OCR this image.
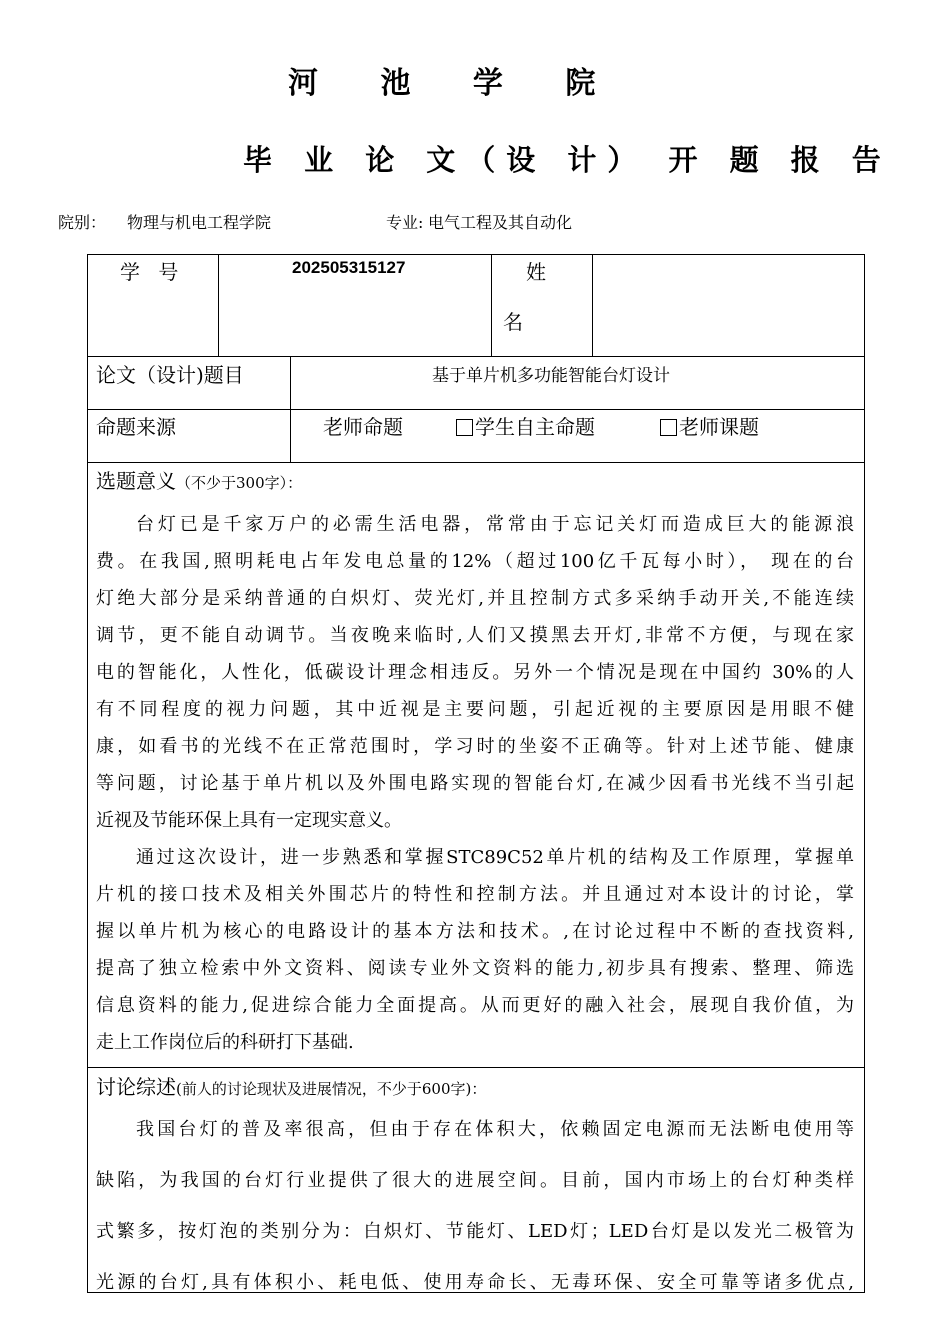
河 池 学 院
毕 业 论 文（设 计） 开 题 报 告
院别： 物理与机电工程学院	专业: 电气工程及其自动化
学 号	202505315127	姓
名
论文（设计)题目	基于单片机多功能智能台灯设计
命题来源	老师命题	学生自主命题	老师课题
选题意义（不少于300字）：
台灯已是千家万户的必需生活电器，常常由于忘记关灯而造成巨大的能源浪
费。在我国,照明耗电占年发电总量的12%（超过100亿千瓦每小时）， 现在的台
灯绝大部分是采纳普通的白炽灯、荧光灯,并且控制方式多采纳手动开关,不能连续
调节，更不能自动调节。当夜晚来临时,人们又摸黑去开灯,非常不方便，与现在家
电的智能化，人性化，低碳设计理念相违反。另外一个情况是现在中国约 30%的人
有不同程度的视力问题，其中近视是主要问题，引起近视的主要原因是用眼不健
康，如看书的光线不在正常范围时，学习时的坐姿不正确等。针对上述节能、健康
等问题，讨论基于单片机以及外围电路实现的智能台灯,在减少因看书光线不当引起
近视及节能环保上具有一定现实意义。
通过这次设计，进一步熟悉和掌握STC89C52单片机的结构及工作原理，掌握单
片机的接口技术及相关外围芯片的特性和控制方法。并且通过对本设计的讨论，掌
握以单片机为核心的电路设计的基本方法和技术。,在讨论过程中不断的查找资料,
提高了独立检索中外文资料、阅读专业外文资料的能力,初步具有搜索、整理、筛选
信息资料的能力,促进综合能力全面提高。从而更好的融入社会，展现自我价值，为
走上工作岗位后的科研打下基础.
讨论综述(前人的讨论现状及进展情况，不少于600字)：
我国台灯的普及率很高，但由于存在体积大，依赖固定电源而无法断电使用等
缺陷，为我国的台灯行业提供了很大的进展空间。目前，国内市场上的台灯种类样
式繁多，按灯泡的类别分为：白炽灯、节能灯、LED灯；LED台灯是以发光二极管为
光源的台灯,具有体积小、耗电低、使用寿命长、无毒环保、安全可靠等诸多优点,
